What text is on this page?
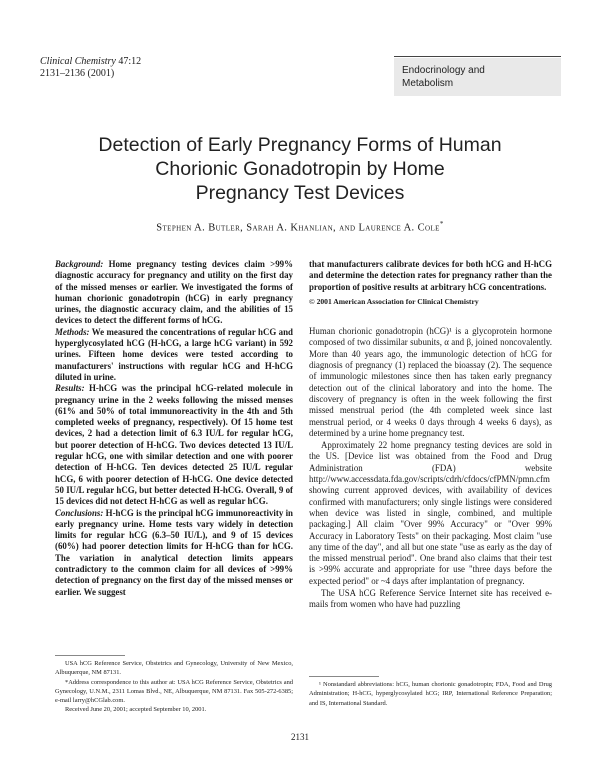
Clinical Chemistry 47:12
2131–2136 (2001)	Endocrinology and
Metabolism
Detection of Early Pregnancy Forms of Human
Chorionic Gonadotropin by Home
Pregnancy Test Devices
Stephen A. Butler, Sarah A. Khanlian, and Laurence A. Cole*

Background: Home pregnancy testing devices claim >99% diagnostic accuracy for pregnancy and utility on the first day of the missed menses or earlier. We investigated the forms of human chorionic gonadotropin (hCG) in early pregnancy urines, the diagnostic accuracy claim, and the abilities of 15 devices to detect the different forms of hCG.

Methods: We measured the concentrations of regular hCG and hyperglycosylated hCG (H-hCG, a large hCG variant) in 592 urines. Fifteen home devices were tested according to manufacturers' instructions with regular hCG and H-hCG diluted in urine.

Results: H-hCG was the principal hCG-related molecule in pregnancy urine in the 2 weeks following the missed menses (61% and 50% of total immunoreactivity in the 4th and 5th completed weeks of pregnancy, respectively). Of 15 home test devices, 2 had a detection limit of 6.3 IU/L for regular hCG, but poorer detection of H-hCG. Two devices detected 13 IU/L regular hCG, one with similar detection and one with poorer detection of H-hCG. Ten devices detected 25 IU/L regular hCG, 6 with poorer detection of H-hCG. One device detected 50 IU/L regular hCG, but better detected H-hCG. Overall, 9 of 15 devices did not detect H-hCG as well as regular hCG.

Conclusions: H-hCG is the principal hCG immunoreactivity in early pregnancy urine. Home tests vary widely in detection limits for regular hCG (6.3–50 IU/L), and 9 of 15 devices (60%) had poorer detection limits for H-hCG than for hCG. The variation in analytical detection limits appears contradictory to the common claim for all devices of >99% detection of pregnancy on the first day of the missed menses or earlier. We suggest

that manufacturers calibrate devices for both hCG and H-hCG and determine the detection rates for pregnancy rather than the proportion of positive results at arbitrary hCG concentrations.

© 2001 American Association for Clinical Chemistry

Human chorionic gonadotropin (hCG)¹ is a glycoprotein hormone composed of two dissimilar subunits, α and β, joined noncovalently. More than 40 years ago, the immunologic detection of hCG for diagnosis of pregnancy (1) replaced the bioassay (2). The sequence of immunologic milestones since then has taken early pregnancy detection out of the clinical laboratory and into the home. The discovery of pregnancy is often in the week following the first missed menstrual period (the 4th completed week since last menstrual period, or 4 weeks 0 days through 4 weeks 6 days), as determined by a urine home pregnancy test.

Approximately 22 home pregnancy testing devices are sold in the US. [Device list was obtained from the Food and Drug Administration (FDA) website http://www.accessdata.fda.gov/scripts/cdrh/cfdocs/cfPMN/pmn.cfm showing current approved devices, with availability of devices confirmed with manufacturers; only single listings were considered when device was listed in single, combined, and multiple packaging.] All claim "Over 99% Accuracy" or "Over 99% Accuracy in Laboratory Tests" on their packaging. Most claim "use any time of the day", and all but one state "use as early as the day of the missed menstrual period". One brand also claims that their test is >99% accurate and appropriate for use "three days before the expected period" or ~4 days after implantation of pregnancy.

The USA hCG Reference Service Internet site has received e-mails from women who have had puzzling

USA hCG Reference Service, Obstetrics and Gynecology, University of New Mexico, Albuquerque, NM 87131.

*Address correspondence to this author at: USA hCG Reference Service, Obstetrics and Gynecology, U.N.M., 2311 Lomas Blvd., NE, Albuquerque, NM 87131. Fax 505-272-6385; e-mail larry@hCGlab.com.

Received June 20, 2001; accepted September 10, 2001.

¹ Nonstandard abbreviations: hCG, human chorionic gonadotropin; FDA, Food and Drug Administration; H-hCG, hyperglycosylated hCG; IRP, International Reference Preparation; and IS, International Standard.

2131
